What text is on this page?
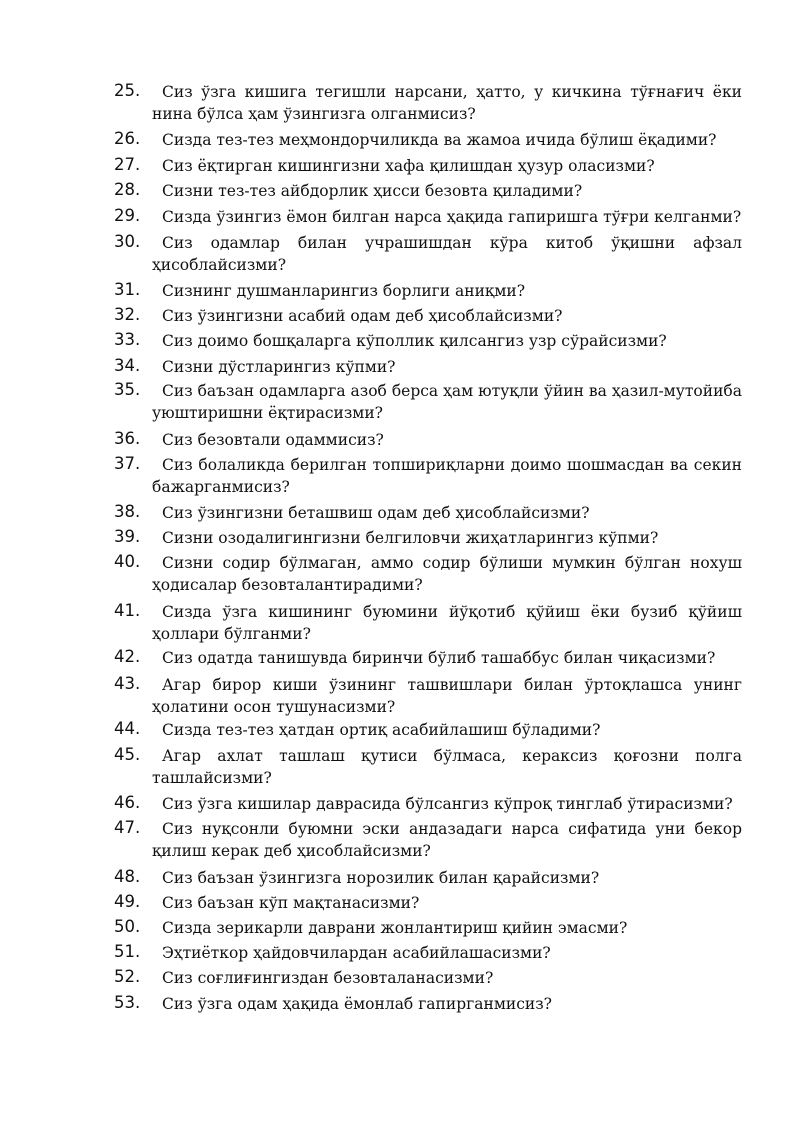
25.	Сиз ўзга кишига тегишли нарсани, ҳатто, у кичкина тўғнағич ёки нина бўлса ҳам ўзингизга олганмисиз?
26.	Сизда тез-тез меҳмондорчиликда ва жамоа ичида бўлиш ёқадими?
27.	Сиз ёқтирган кишингизни хафа қилишдан ҳузур оласизми?
28.	Сизни тез-тез айбдорлик ҳисси безовта қиладими?
29.	Сизда ўзингиз ёмон билган нарса ҳақида гапиришга тўғри келганми?
30.	Сиз одамлар билан учрашишдан кўра китоб ўқишни афзал ҳисоблайсизми?
31.	Сизнинг душманларингиз борлиги аниқми?
32.	Сиз ўзингизни асабий одам деб ҳисоблайсизми?
33.	Сиз доимо бошқаларга кўполлик қилсангиз узр сўрайсизми?
34.	Сизни дўстларингиз кўпми?
35.	Сиз баъзан одамларга азоб берса ҳам ютуқли ўйин ва ҳазил-мутойиба уюштиришни ёқтирасизми?
36.	Сиз безовтали одаммисиз?
37.	Сиз болаликда берилган топшириқларни доимо шошмасдан ва секин бажарганмисиз?
38.	Сиз ўзингизни беташвиш одам деб ҳисоблайсизми?
39.	Сизни озодалигингизни белгиловчи жиҳатларингиз кўпми?
40.	Сизни содир бўлмаган, аммо содир бўлиши мумкин бўлган нохуш ҳодисалар безовталантирадими?
41.	Сизда ўзга кишининг буюмини йўқотиб қўйиш ёки бузиб қўйиш ҳоллари бўлганми?
42.	Сиз одатда танишувда биринчи бўлиб ташаббус билан чиқасизми?
43.	Агар бирор киши ўзининг ташвишлари билан ўртоқлашса унинг ҳолатини осон тушунасизми?
44.	Сизда тез-тез ҳатдан ортиқ асабийлашиш бўладими?
45.	Агар ахлат ташлаш қутиси бўлмаса, кераксиз қоғозни полга ташлайсизми?
46.	Сиз ўзга кишилар даврасида бўлсангиз кўпроқ тинглаб ўтирасизми?
47.	Сиз нуқсонли буюмни эски андазадаги нарса сифатида уни бекор қилиш керак деб ҳисоблайсизми?
48.	Сиз баъзан ўзингизга норозилик билан қарайсизми?
49.	Сиз баъзан кўп мақтанасизми?
50.	Сизда зерикарли даврани жонлантириш қийин эмасми?
51.	Эҳтиёткор ҳайдовчилардан асабийлашасизми?
52.	Сиз соғлиғингиздан безовталанасизми?
53.	Сиз ўзга одам ҳақида ёмонлаб гапирганмисиз?
